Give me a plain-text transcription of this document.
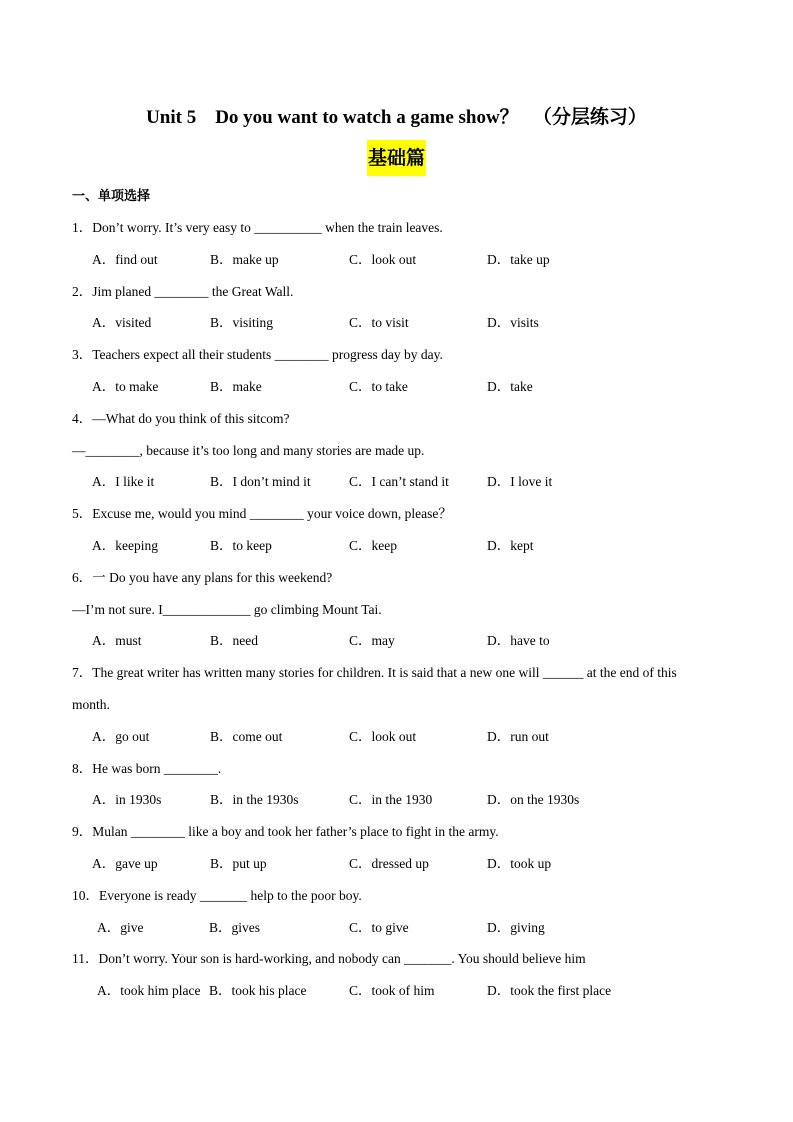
Unit 5    Do you want to watch a game show？   （分层练习）
基础篇
一、单项选择
1．Don’t worry. It’s very easy to __________ when the train leaves.
A．find out	B．make up	C．look out	D．take up
2．Jim planed ________ the Great Wall.
A．visited	B．visiting	C．to visit	D．visits
3．Teachers expect all their students ________ progress day by day.
A．to make	B．make	C．to take	D．take
4．—What do you think of this sitcom?
—________, because it’s too long and many stories are made up.
A．I like it	B．I don’t mind it	C．I can’t stand it	D．I love it
5．Excuse me, would you mind ________ your voice down, please？
A．keeping	B．to keep	C．keep	D．kept
6．一 Do you have any plans for this weekend?
—I’m not sure. I_____________ go climbing Mount Tai.
A．must	B．need	C．may	D．have to
7．The great writer has written many stories for children. It is said that a new one will ______ at the end of this
month.
A．go out	B．come out	C．look out	D．run out
8．He was born ________.
A．in 1930s	B．in the 1930s	C．in the 1930	D．on the 1930s
9．Mulan ________ like a boy and took her father’s place to fight in the army.
A．gave up	B．put up	C．dressed up	D．took up
10．Everyone is ready _______ help to the poor boy.
A．give	B．gives	C．to give	D．giving
11．Don’t worry. Your son is hard-working, and nobody can _______. You should believe him
A．took him place B．took his place	C．took of him	D．took the first place
